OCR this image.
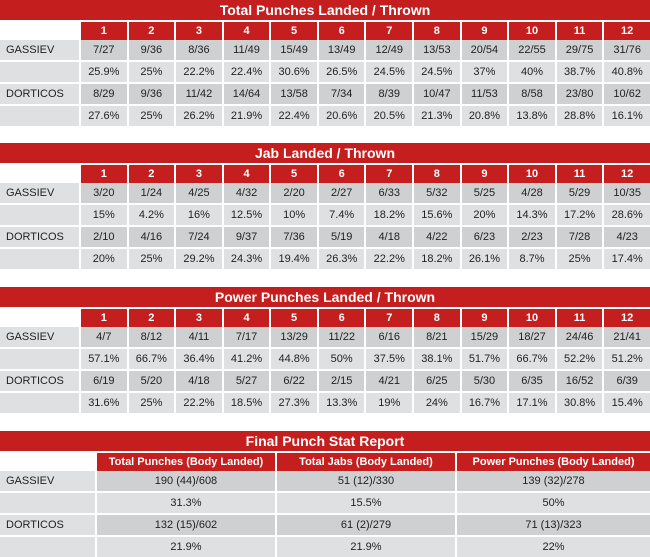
Total Punches Landed / Thrown
	1	2	3	4	5	6	7	8	9	10	11	12
GASSIEV	7/27	9/36	8/36	11/49	15/49	13/49	12/49	13/53	20/54	22/55	29/75	31/76
	25.9%	25%	22.2%	22.4%	30.6%	26.5%	24.5%	24.5%	37%	40%	38.7%	40.8%
DORTICOS	8/29	9/36	11/42	14/64	13/58	7/34	8/39	10/47	11/53	8/58	23/80	10/62
	27.6%	25%	26.2%	21.9%	22.4%	20.6%	20.5%	21.3%	20.8%	13.8%	28.8%	16.1%
Jab Landed / Thrown
	1	2	3	4	5	6	7	8	9	10	11	12
GASSIEV	3/20	1/24	4/25	4/32	2/20	2/27	6/33	5/32	5/25	4/28	5/29	10/35
	15%	4.2%	16%	12.5%	10%	7.4%	18.2%	15.6%	20%	14.3%	17.2%	28.6%
DORTICOS	2/10	4/16	7/24	9/37	7/36	5/19	4/18	4/22	6/23	2/23	7/28	4/23
	20%	25%	29.2%	24.3%	19.4%	26.3%	22.2%	18.2%	26.1%	8.7%	25%	17.4%
Power Punches Landed / Thrown
	1	2	3	4	5	6	7	8	9	10	11	12
GASSIEV	4/7	8/12	4/11	7/17	13/29	11/22	6/16	8/21	15/29	18/27	24/46	21/41
	57.1%	66.7%	36.4%	41.2%	44.8%	50%	37.5%	38.1%	51.7%	66.7%	52.2%	51.2%
DORTICOS	6/19	5/20	4/18	5/27	6/22	2/15	4/21	6/25	5/30	6/35	16/52	6/39
	31.6%	25%	22.2%	18.5%	27.3%	13.3%	19%	24%	16.7%	17.1%	30.8%	15.4%
Final Punch Stat Report
	Total Punches (Body Landed)	Total Jabs (Body Landed)	Power Punches (Body Landed)
GASSIEV	190 (44)/608	51 (12)/330	139 (32)/278
	31.3%	15.5%	50%
DORTICOS	132 (15)/602	61 (2)/279	71 (13)/323
	21.9%	21.9%	22%
